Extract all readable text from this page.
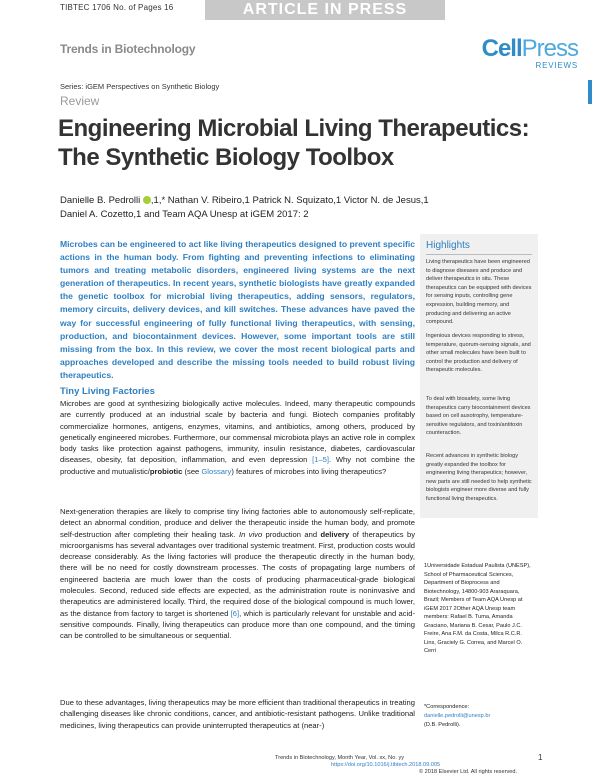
TIBTEC 1706 No. of Pages 16	ARTICLE IN PRESS
Trends in Biotechnology	CellPress
REVIEWS
Series: iGEM Perspectives on Synthetic Biology
Review
Engineering Microbial Living Therapeutics: The Synthetic Biology Toolbox
Danielle B. Pedrolli ,1,* Nathan V. Ribeiro,1 Patrick N. Squizato,1 Victor N. de Jesus,1
Daniel A. Cozetto,1 and Team AQA Unesp at iGEM 2017: 2

Microbes can be engineered to act like living therapeutics designed to prevent specific actions in the human body. From fighting and preventing infections to eliminating tumors and treating metabolic disorders, engineered living systems are the next generation of therapeutics. In recent years, synthetic biologists have greatly expanded the genetic toolbox for microbial living therapeutics, adding sensors, regulators, memory circuits, delivery devices, and kill switches. These advances have paved the way for successful engineering of fully functional living therapeutics, with sensing, production, and biocontainment devices. However, some important tools are still missing from the box. In this review, we cover the most recent biological parts and approaches developed and describe the missing tools needed to build robust living therapeutics.

Tiny Living Factories

Microbes are good at synthesizing biologically active molecules. Indeed, many therapeutic compounds are currently produced at an industrial scale by bacteria and fungi. Biotech companies profitably commercialize hormones, antigens, enzymes, vitamins, and antibiotics, among others, produced by genetically engineered microbes. Furthermore, our commensal microbiota plays an active role in complex body tasks like protection against pathogens, immunity, insulin resistance, diabetes, cardiovascular diseases, obesity, fat deposition, inflammation, and even depression [1–5]. Why not combine the productive and mutualistic/probiotic (see Glossary) features of microbes into living therapeutics?

Next-generation therapies are likely to comprise tiny living factories able to autonomously self-replicate, detect an abnormal condition, produce and deliver the therapeutic inside the human body, and promote self-destruction after completing their healing task. In vivo production and delivery of therapeutics by microorganisms has several advantages over traditional systemic treatment. First, production costs would decrease considerably. As the living factories will produce the therapeutic directly in the human body, there will be no need for costly downstream processes. The costs of propagating large numbers of engineered bacteria are much lower than the costs of producing pharmaceutical-grade biological molecules. Second, reduced side effects are expected, as the administration route is noninvasive and therapeutics are administered locally. Third, the required dose of the biological compound is much lower, as the distance from factory to target is shortened [6], which is particularly relevant for unstable and acid-sensitive compounds. Finally, living therapeutics can produce more than one compound, and the timing can be controlled to be simultaneous or sequential.

Due to these advantages, living therapeutics may be more efficient than traditional therapeutics in treating challenging diseases like chronic conditions, cancer, and antibiotic-resistant pathogens. Unlike traditional medicines, living therapeutics can provide uninterrupted therapeutics at (near-)

Highlights

Living therapeutics have been engineered to diagnose diseases and produce and deliver therapeutics in situ. These therapeutics can be equipped with devices for sensing inputs, controlling gene expression, building memory, and producing and delivering an active compound.

Ingenious devices responding to stress, temperature, quorum-sensing signals, and other small molecules have been built to control the production and delivery of therapeutic molecules.

To deal with biosafety, some living therapeutics carry biocontainment devices based on cell auxotrophy, temperature-sensitive regulators, and toxin/antitoxin counteraction.

Recent advances in synthetic biology greatly expanded the toolbox for engineering living therapeutics; however, new parts are still needed to help synthetic biologists engineer more diverse and fully functional living therapeutics.

1Universidade Estadual Paulista (UNESP), School of Pharmaceutical Sciences, Department of Bioprocess and Biotechnology, 14800-903 Araraquara, Brazil; Members of Team AQA Unesp at iGEM 2017 2Other AQA Unesp team members: Rafael B. Tuma, Amanda Graciano, Mariana B. Cesar, Paulo J.C. Freire, Ana F.M. da Costa, Milca R.C.R. Lins, Graciely G. Correa, and Marcel O. Cerri

*Correspondence:
danielle.pedrolli@unesp.br
(D.B. Pedrolli).
Trends in Biotechnology, Month Year, Vol. xx, No. yy
https://doi.org/10.1016/j.tibtech.2018.09.005
© 2018 Elsevier Ltd. All rights reserved.
1
